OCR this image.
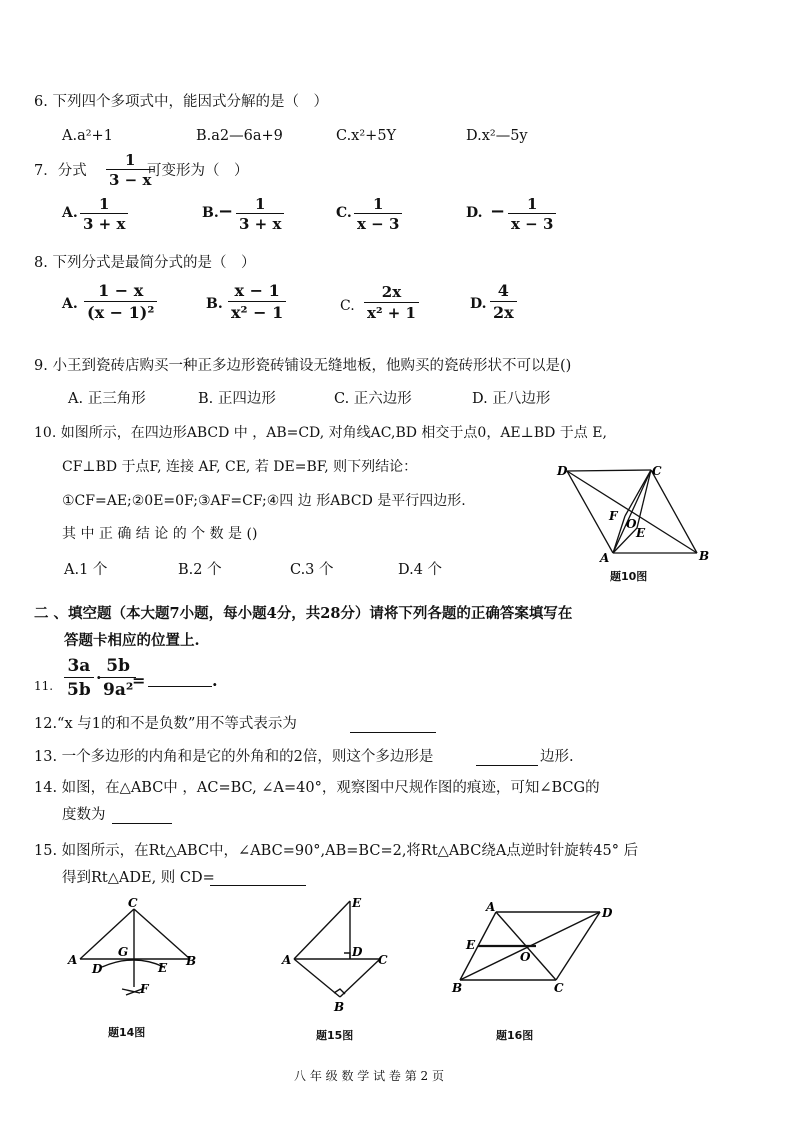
6. 下列四个多项式中，能因式分解的是（　）
A.a²+1	B.a2—6a+9	C.x²+5Y	D.x²—5y
7．分式 $\frac{1}{3 - x}$
可变形为（　）
A. $\frac{1}{3 + x}$	B. − $\frac{1}{3 + x}$	C. $\frac{1}{x - 3}$	D. − $\frac{1}{x - 3}$
8. 下列分式是最简分式的是（　）
A. $\frac{1 - x}{\text{(x − 1)²}}$	B. $\frac{x - 1}{\text{x² − 1}}$	C. $\frac{2x}{\text{x² + 1}}$	D. $\frac{4}{2x}$
9. 小王到瓷砖店购买一种正多边形瓷砖铺设无缝地板，他购买的瓷砖形状不可以是()
A. 正三角形	B. 正四边形	C. 正六边形	D. 正八边形
10. 如图所示，在四边形ABCD 中 ，AB=CD, 对角线AC,BD 相交于点0，AE⊥BD 于点 E,
CF⊥BD 于点F, 连接 AF, CE, 若 DE=BF, 则下列结论：
①CF=AE;②0E=0F;③AF=CF;④四 边 形ABCD 是平行四边形.
其 中 正 确 结 论 的 个 数 是 ()
A.1 个	B.2 个	C.3 个	D.4 个
D	C
F
O
E
A	B
题10图
二 、填空题（本大题7小题，每小题4分，共28分）请将下列各题的正确答案填写在
答题卡相应的位置上.
11. $\frac{3a}{5b}$ ·
$\frac{5b}{\text{9a²}}$
=	.
12.“x 与1的和不是负数”用不等式表示为
13. 一个多边形的内角和是它的外角和的2倍，则这个多边形是	边形.
14. 如图，在△ABC中 ，AC=BC, ∠A=40°，观察图中尺规作图的痕迹，可知∠BCG的
度数为
15. 如图所示，在Rt△ABC中，∠ABC=90°,AB=BC=2,将Rt△ABC绕A点逆时针旋转45° 后
得到Rt△ADE, 则 CD=
C
G
A
D	E B
F
题14图
E
D
A	C
B
题15图
A	D
E
O
B	C
题16图
八 年 级 数 学 试 卷 第 2 页
